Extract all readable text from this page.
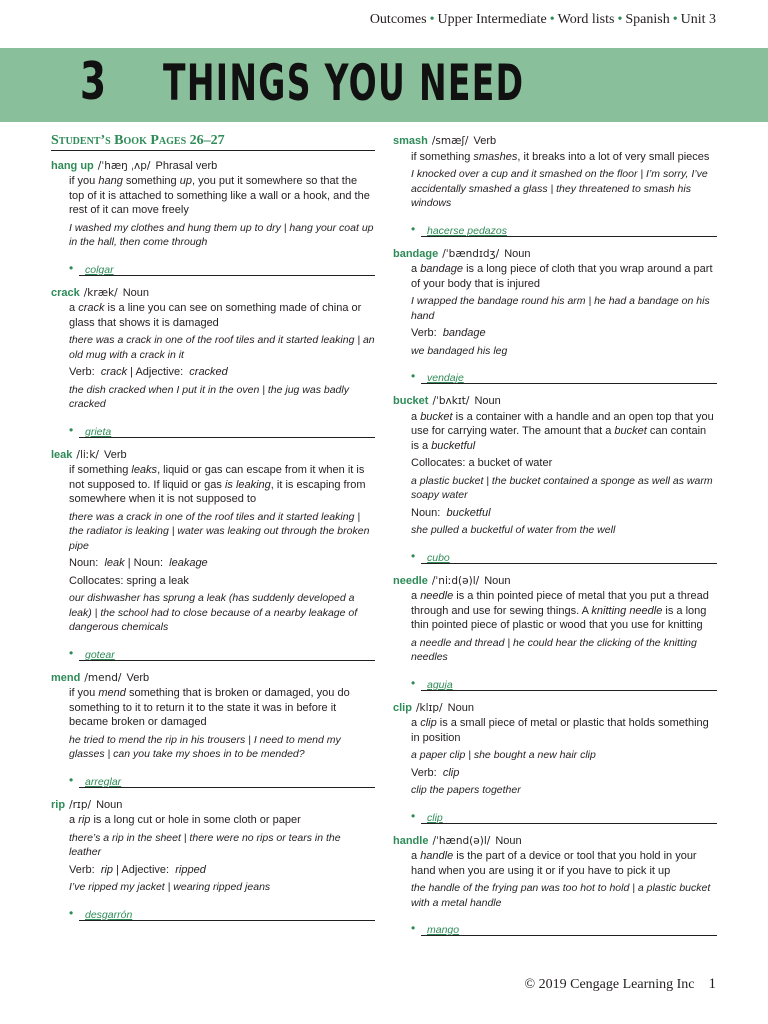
Outcomes • Upper Intermediate • Word lists • Spanish • Unit 3
3 THINGS YOU NEED
Student’s Book Pages 26–27
hang up /ˈhæŋ ˌʌp/ Phrasal verb
if you hang something up, you put it somewhere so that the top of it is attached to something like a wall or a hook, and the rest of it can move freely
I washed my clothes and hung them up to dry | hang your coat up in the hall, then come through
• colgar
crack /kræk/ Noun
a crack is a line you can see on something made of china or glass that shows it is damaged
there was a crack in one of the roof tiles and it started leaking | an old mug with a crack in it
Verb: crack | Adjective: cracked
the dish cracked when I put it in the oven | the jug was badly cracked
• grieta
leak /liːk/ Verb
if something leaks, liquid or gas can escape from it when it is not supposed to. If liquid or gas is leaking, it is escaping from somewhere when it is not supposed to
there was a crack in one of the roof tiles and it started leaking | the radiator is leaking | water was leaking out through the broken pipe
Noun: leak | Noun: leakage
Collocates: spring a leak
our dishwasher has sprung a leak (has suddenly developed a leak) | the school had to close because of a nearby leakage of dangerous chemicals
• gotear
mend /mend/ Verb
if you mend something that is broken or damaged, you do something to it to return it to the state it was in before it became broken or damaged
he tried to mend the rip in his trousers | I need to mend my glasses | can you take my shoes in to be mended?
• arreglar
rip /rɪp/ Noun
a rip is a long cut or hole in some cloth or paper
there’s a rip in the sheet | there were no rips or tears in the leather
Verb: rip | Adjective: ripped
I’ve ripped my jacket | wearing ripped jeans
• desgarrón
smash /smæʃ/ Verb
if something smashes, it breaks into a lot of very small pieces
I knocked over a cup and it smashed on the floor | I’m sorry, I’ve accidentally smashed a glass | they threatened to smash his windows
• hacerse pedazos
bandage /ˈbændɪdʒ/ Noun
a bandage is a long piece of cloth that you wrap around a part of your body that is injured
I wrapped the bandage round his arm | he had a bandage on his hand
Verb: bandage
we bandaged his leg
• vendaje
bucket /ˈbʌkɪt/ Noun
a bucket is a container with a handle and an open top that you use for carrying water. The amount that a bucket can contain is a bucketful
Collocates: a bucket of water
a plastic bucket | the bucket contained a sponge as well as warm soapy water
Noun: bucketful
she pulled a bucketful of water from the well
• cubo
needle /ˈniːd(ə)l/ Noun
a needle is a thin pointed piece of metal that you put a thread through and use for sewing things. A knitting needle is a long thin pointed piece of plastic or wood that you use for knitting
a needle and thread | he could hear the clicking of the knitting needles
• aguja
clip /klɪp/ Noun
a clip is a small piece of metal or plastic that holds something in position
a paper clip | she bought a new hair clip
Verb: clip
clip the papers together
• clip
handle /ˈhænd(ə)l/ Noun
a handle is the part of a device or tool that you hold in your hand when you are using it or if you have to pick it up
the handle of the frying pan was too hot to hold | a plastic bucket with a metal handle
• mango
© 2019 Cengage Learning Inc 1
